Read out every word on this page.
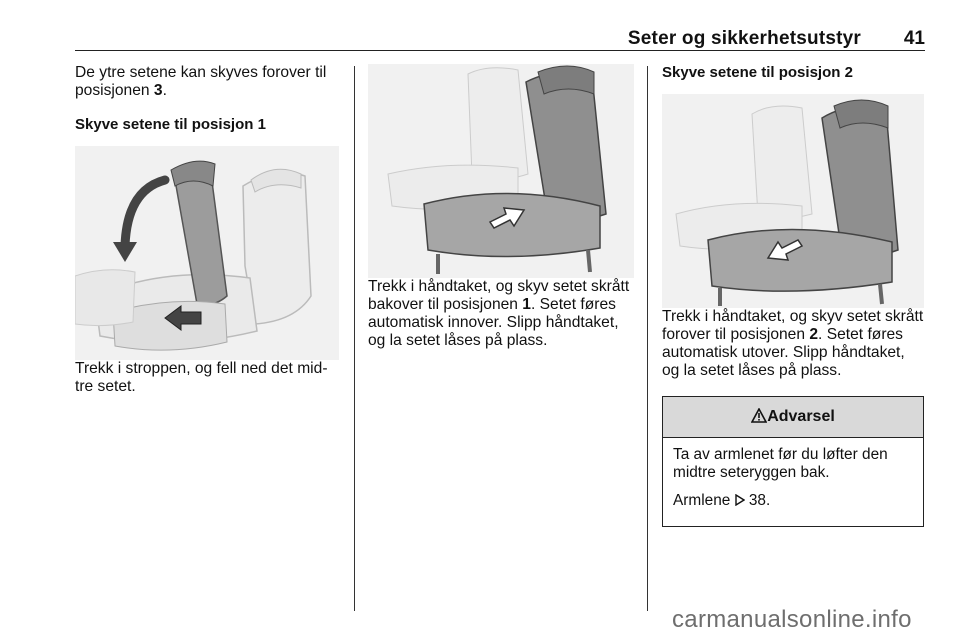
Seter og sikkerhetsutstyr 41

De ytre setene kan skyves forover til posisjonen 3.

Skyve setene til posisjon 1

Trekk i stroppen, og fell ned det mid- tre setet.

Trekk i håndtaket, og skyv setet skrått bakover til posisjonen 1. Setet føres automatisk innover. Slipp håndtaket, og la setet låses på plass.

Skyve setene til posisjon 2

Trekk i håndtaket, og skyv setet skrått forover til posisjonen 2. Setet føres automatisk utover. Slipp håndtaket, og la setet låses på plass.

Advarsel

Ta av armlenet før du løfter den midtre seteryggen bak.

Armlene 38.

carmanualsonline.info
